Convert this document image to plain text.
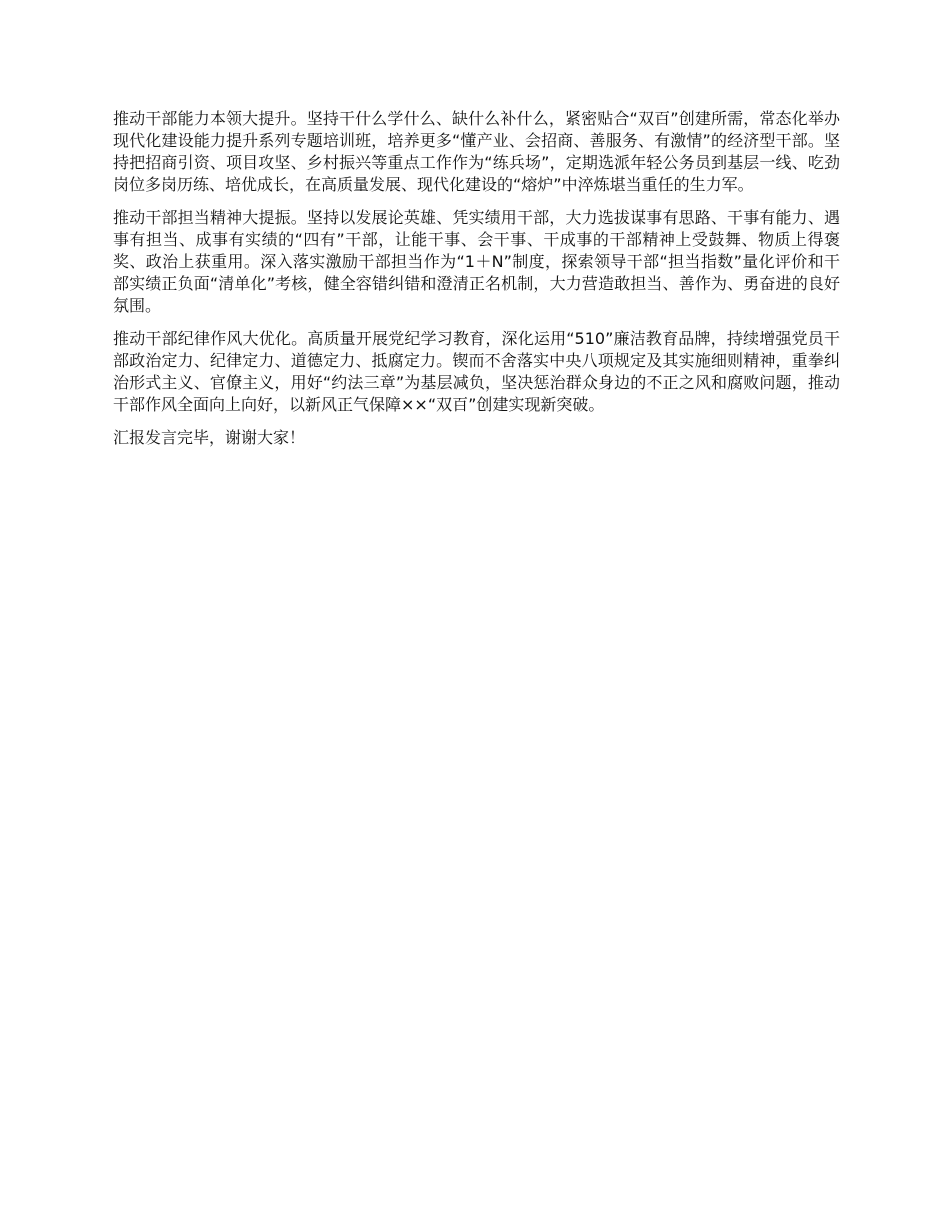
推动干部能力本领大提升。坚持干什么学什么、缺什么补什么，紧密贴合“双百”创建所需，常态化举办现代化建设能力提升系列专题培训班，培养更多“懂产业、会招商、善服务、有激情”的经济型干部。坚持把招商引资、项目攻坚、乡村振兴等重点工作作为“练兵场”，定期选派年轻公务员到基层一线、吃劲岗位多岗历练、培优成长，在高质量发展、现代化建设的“熔炉”中淬炼堪当重任的生力军。

推动干部担当精神大提振。坚持以发展论英雄、凭实绩用干部，大力选拔谋事有思路、干事有能力、遇事有担当、成事有实绩的“四有”干部，让能干事、会干事、干成事的干部精神上受鼓舞、物质上得褒奖、政治上获重用。深入落实激励干部担当作为“1＋N”制度，探索领导干部“担当指数”量化评价和干部实绩正负面“清单化”考核，健全容错纠错和澄清正名机制，大力营造敢担当、善作为、勇奋进的良好氛围。

推动干部纪律作风大优化。高质量开展党纪学习教育，深化运用“510”廉洁教育品牌，持续增强党员干部政治定力、纪律定力、道德定力、抵腐定力。锲而不舍落实中央八项规定及其实施细则精神，重拳纠治形式主义、官僚主义，用好“约法三章”为基层减负，坚决惩治群众身边的不正之风和腐败问题，推动干部作风全面向上向好，以新风正气保障××“双百”创建实现新突破。

汇报发言完毕，谢谢大家！
